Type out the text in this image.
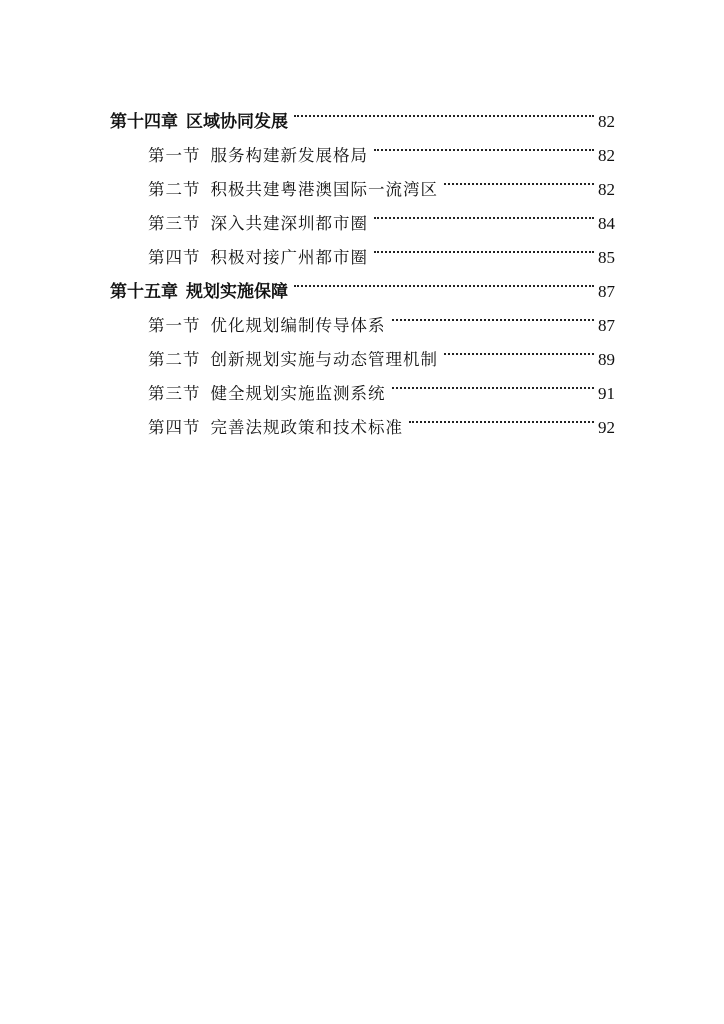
第十四章 区域协同发展	82
第一节 服务构建新发展格局	82
第二节 积极共建粤港澳国际一流湾区	82
第三节 深入共建深圳都市圈	84
第四节 积极对接广州都市圈	85
第十五章 规划实施保障	87
第一节 优化规划编制传导体系	87
第二节 创新规划实施与动态管理机制	89
第三节 健全规划实施监测系统	91
第四节 完善法规政策和技术标准	92
